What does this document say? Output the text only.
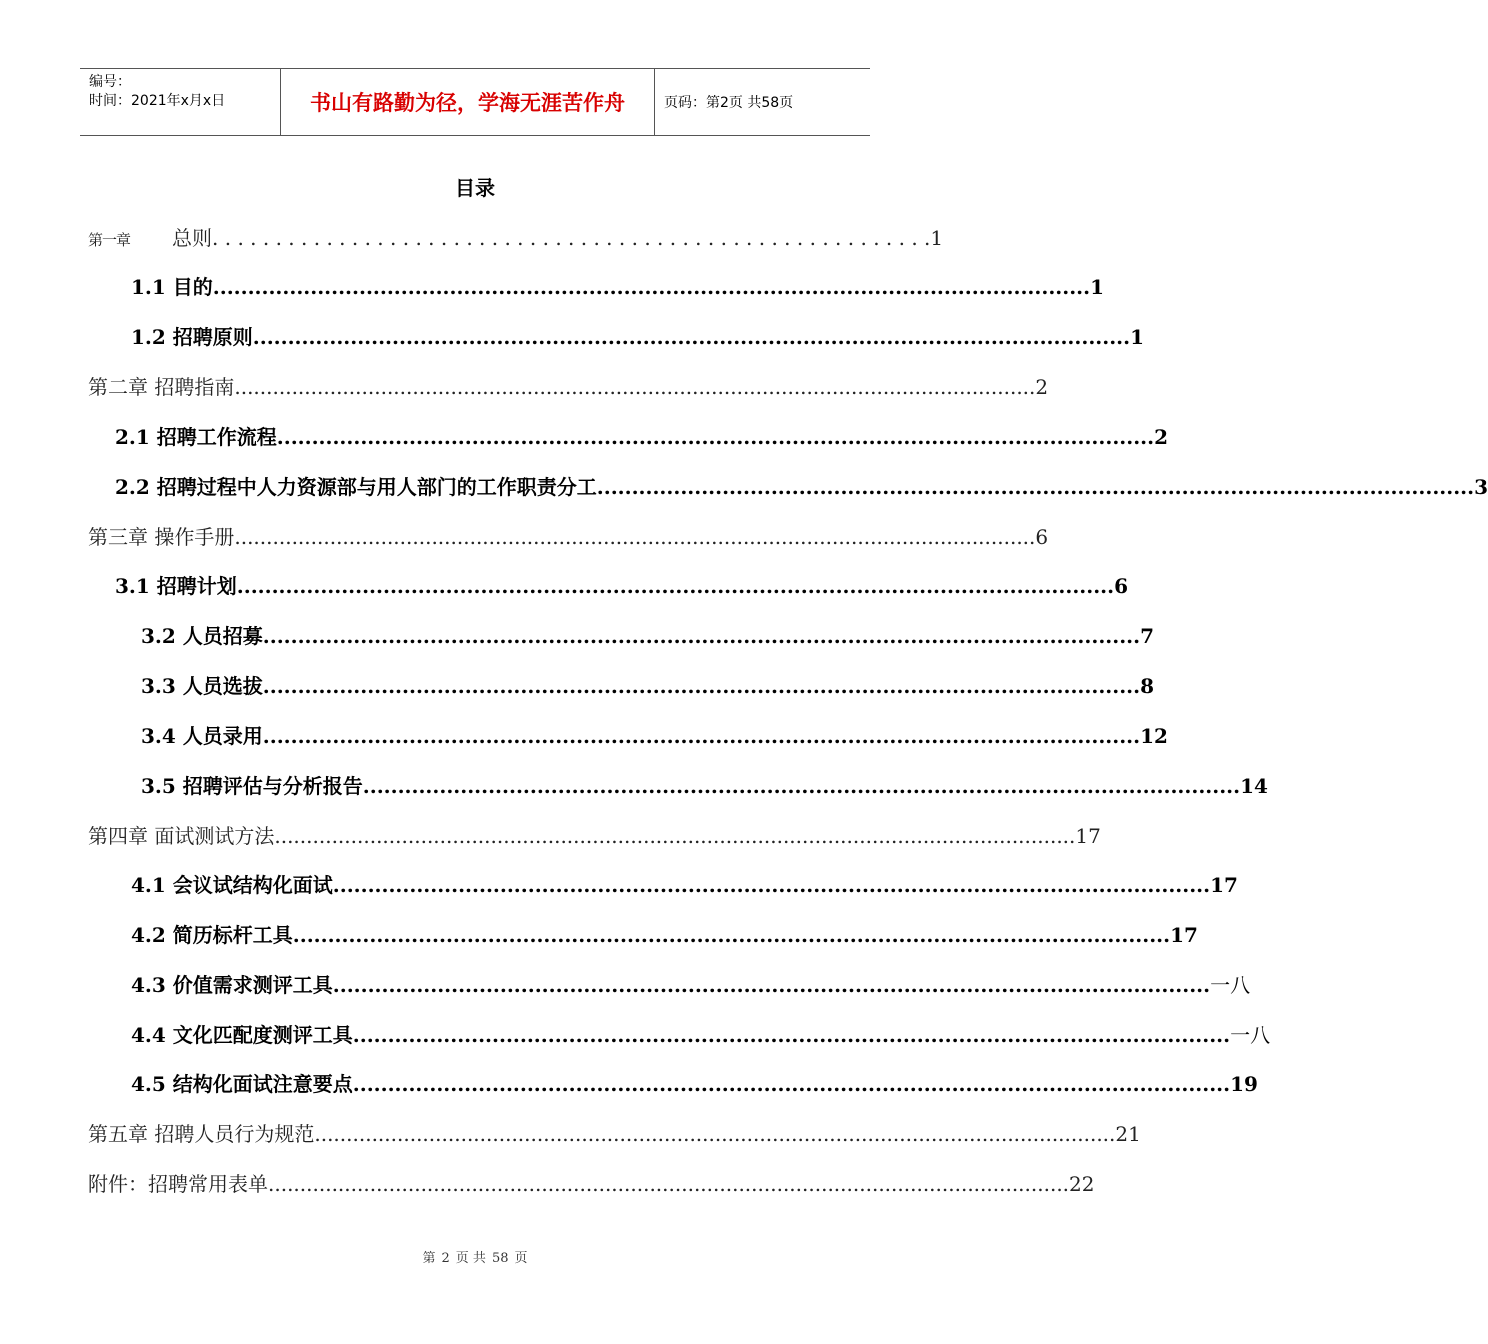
编号：
时间：2021年x月x日	书山有路勤为径，学海无涯苦作舟	页码：第2页 共58页
目录
第一章 总则 . . . . . . . . . . . . . . . . . . . . . . . . . . . . . . . . . . . . . . . . . . . . . . . . . . . . . . . . . 1
1.1 目的 .............................................................................................................................. 1
1.2 招聘原则 .............................................................................................................................. 1
第二章 招聘指南 .............................................................................................................................. 2
2.1 招聘工作流程 .............................................................................................................................. 2
2.2 招聘过程中人力资源部与用人部门的工作职责分工 .............................................................................................................................. 3
第三章 操作手册 .............................................................................................................................. 6
3.1 招聘计划 .............................................................................................................................. 6
3.2 人员招募 .............................................................................................................................. 7
3.3 人员选拔 .............................................................................................................................. 8
3.4 人员录用 .............................................................................................................................. 12
3.5 招聘评估与分析报告 .............................................................................................................................. 14
第四章 面试测试方法 .............................................................................................................................. 17
4.1 会议试结构化面试 .............................................................................................................................. 17
4.2 简历标杆工具 .............................................................................................................................. 17
4.3 价值需求测评工具 .............................................................................................................................. 一八
4.4 文化匹配度测评工具 .............................................................................................................................. 一八
4.5 结构化面试注意要点 .............................................................................................................................. 19
第五章 招聘人员行为规范 .............................................................................................................................. 21
附件：招聘常用表单 .............................................................................................................................. 22
第 2 页 共 58 页
